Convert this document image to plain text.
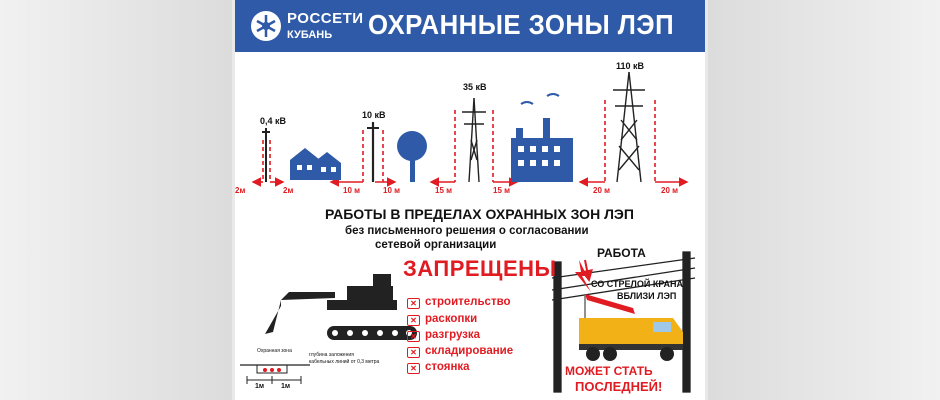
РОССЕТИ
КУБАНЬ ОХРАННЫЕ ЗОНЫ ЛЭП
0,4 кВ
10 кВ
35 кВ
110 кВ
2м	2м	10 м	10 м	15 м	15 м	20 м	20 м
РАБОТЫ В ПРЕДЕЛАХ ОХРАННЫХ ЗОН ЛЭП
без письменного решения о согласовании
сетевой организации
ЗАПРЕЩЕНЫ
✕ строительство
✕ раскопки
✕ разгрузка
✕ складирование
✕ стоянка
РАБОТА
СО СТРЕЛОЙ КРАНА
ВБЛИЗИ ЛЭП
МОЖЕТ СТАТЬ
ПОСЛЕДНЕЙ!
Охранная зона
глубина заложения
кабельных линий от 0,3 метра
1м 1м
